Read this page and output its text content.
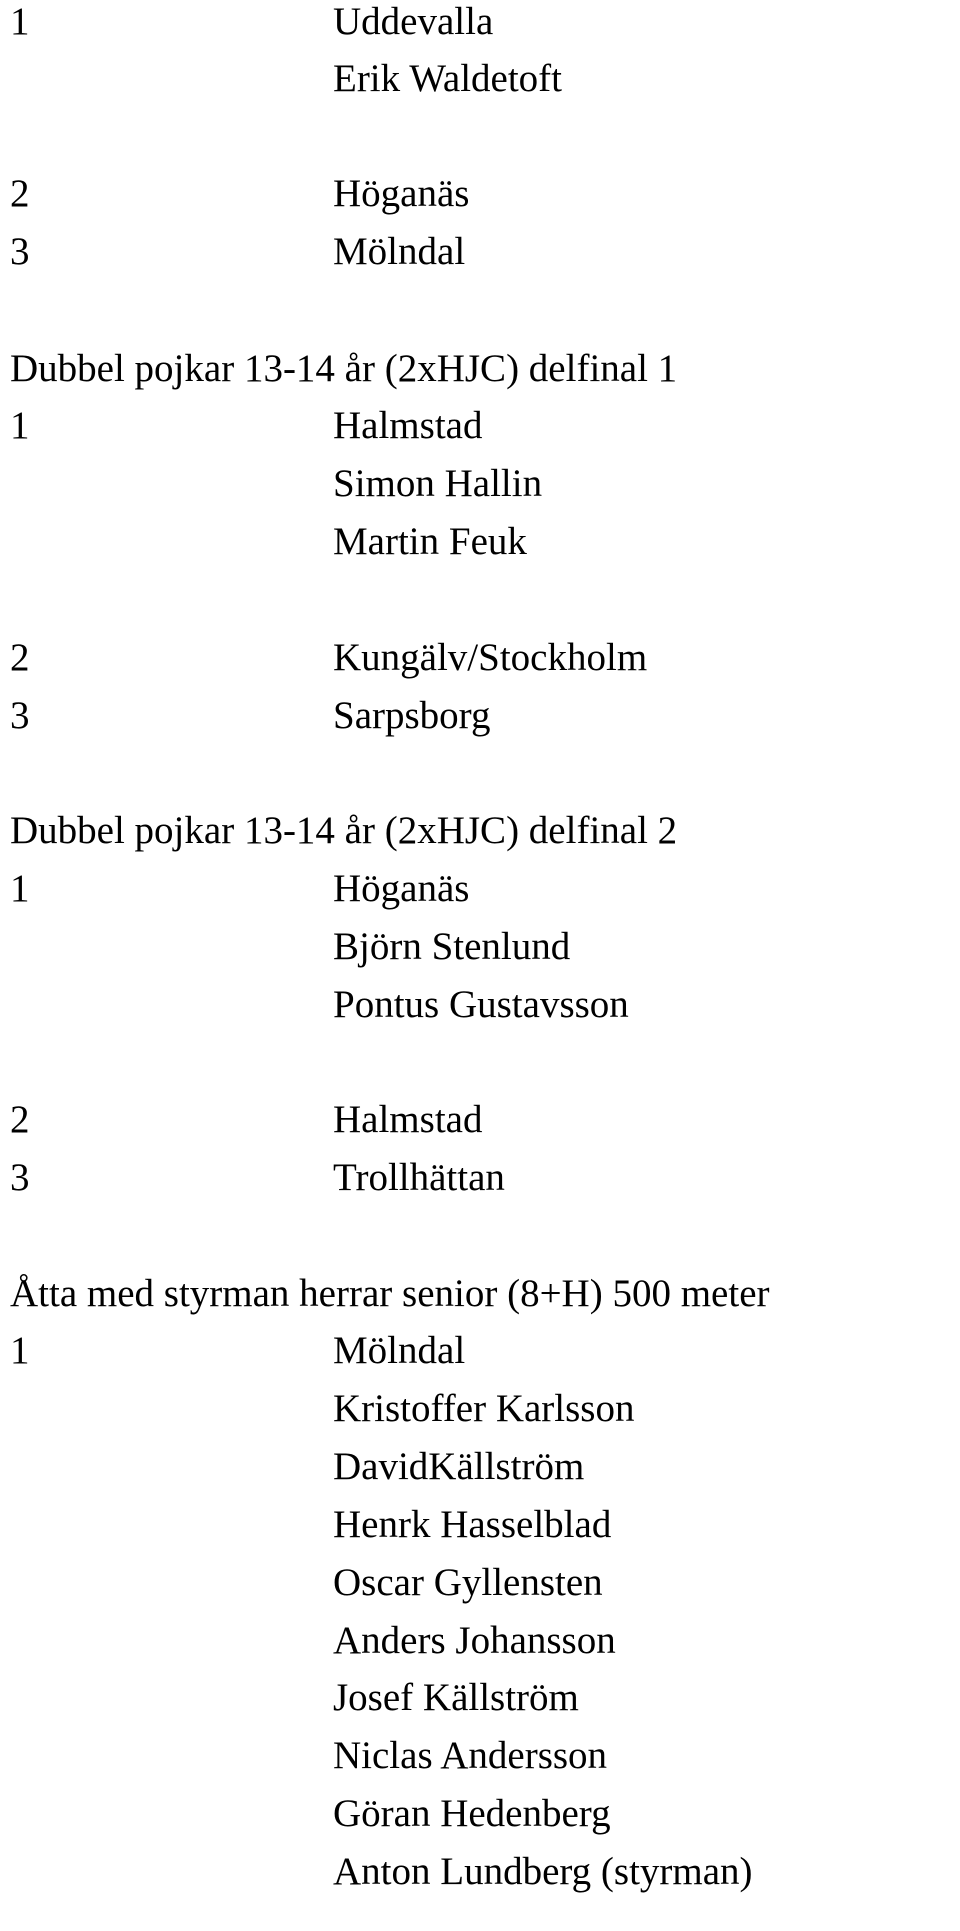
1	Uddevalla
Erik Waldetoft
2	Höganäs
3	Mölndal
Dubbel pojkar 13-14 år (2xHJC) delfinal 1
1	Halmstad
Simon Hallin
Martin Feuk
2	Kungälv/Stockholm
3	Sarpsborg
Dubbel pojkar 13-14 år (2xHJC) delfinal 2
1	Höganäs
Björn Stenlund
Pontus Gustavsson
2	Halmstad
3	Trollhättan
Åtta med styrman herrar senior (8+H) 500 meter
1	Mölndal
Kristoffer Karlsson
DavidKällström
Henrk Hasselblad
Oscar Gyllensten
Anders Johansson
Josef Källström
Niclas Andersson
Göran Hedenberg
Anton Lundberg (styrman)
